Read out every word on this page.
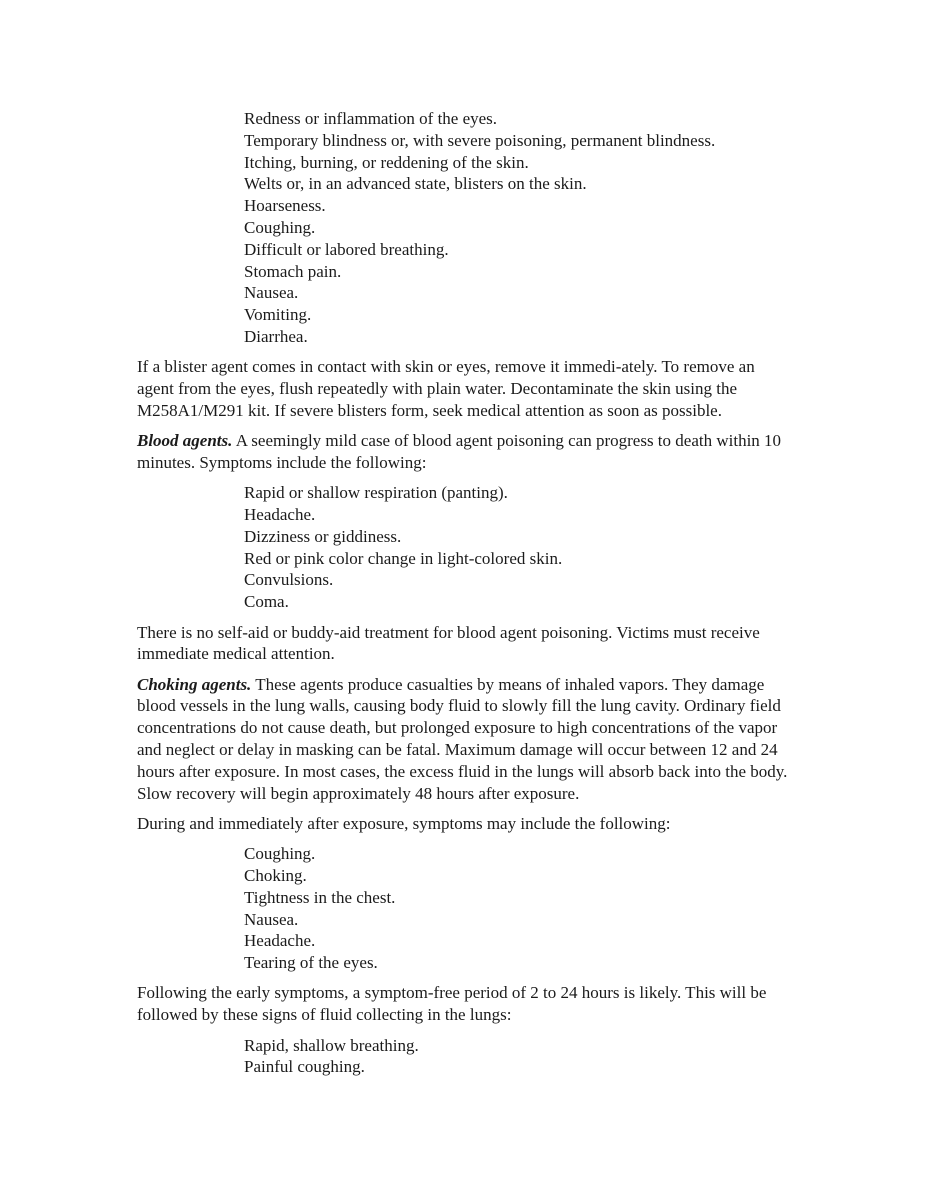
Redness or inflammation of the eyes.
Temporary blindness or, with severe poisoning, permanent blindness.
Itching, burning, or reddening of the skin.
Welts or, in an advanced state, blisters on the skin.
Hoarseness.
Coughing.
Difficult or labored breathing.
Stomach pain.
Nausea.
Vomiting.
Diarrhea.

If a blister agent comes in contact with skin or eyes, remove it immedi-ately. To remove an agent from the eyes, flush repeatedly with plain water. Decontaminate the skin using the M258A1/M291 kit. If severe blisters form, seek medical attention as soon as possible.

Blood agents. A seemingly mild case of blood agent poisoning can progress to death within 10 minutes. Symptoms include the following:

Rapid or shallow respiration (panting).
Headache.
Dizziness or giddiness.
Red or pink color change in light-colored skin.
Convulsions.
Coma.

There is no self-aid or buddy-aid treatment for blood agent poisoning. Victims must receive immediate medical attention.

Choking agents. These agents produce casualties by means of inhaled vapors. They damage blood vessels in the lung walls, causing body fluid to slowly fill the lung cavity. Ordinary field concentrations do not cause death, but prolonged exposure to high concentrations of the vapor and neglect or delay in masking can be fatal. Maximum damage will occur between 12 and 24 hours after exposure. In most cases, the excess fluid in the lungs will absorb back into the body. Slow recovery will begin approximately 48 hours after exposure.

During and immediately after exposure, symptoms may include the following:

Coughing.
Choking.
Tightness in the chest.
Nausea.
Headache.
Tearing of the eyes.

Following the early symptoms, a symptom-free period of 2 to 24 hours is likely. This will be followed by these signs of fluid collecting in the lungs:

Rapid, shallow breathing.
Painful coughing.
